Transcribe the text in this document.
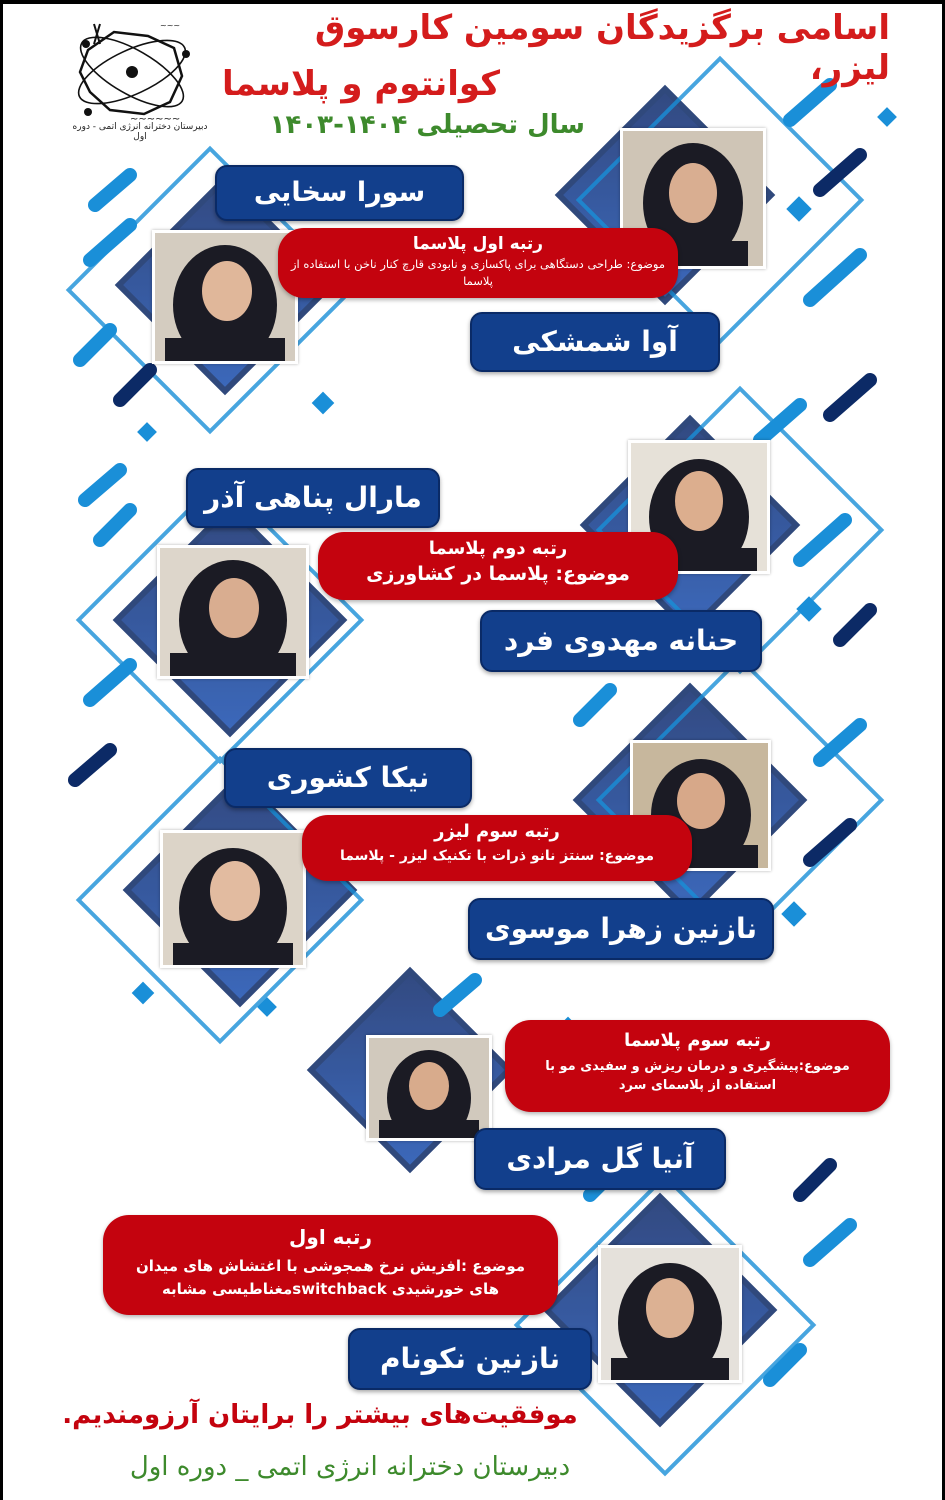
~~~
~~~~~~
دبیرستان دخترانه انرژی اتمی - دوره اول
اسامی برگزیدگان سومین کارسوق لیزر،
کوانتوم و پلاسما
سال تحصیلی ۱۴۰۴-۱۴۰۳
سورا سخایی
رتبه اول پلاسما
موضوع: طراحی دستگاهی برای پاکسازی و نابودی قارچ کنار ناخن با استفاده از پلاسما
آوا شمشکی
مارال پناهی آذر
رتبه دوم پلاسما
موضوع: پلاسما در کشاورزی
حنانه مهدوی فرد
نیکا کشوری
رتبه سوم لیزر
موضوع: سنتز نانو ذرات با تکنیک لیزر - پلاسما
نازنین زهرا موسوی
رتبه سوم پلاسما
موضوع:پیشگیری و درمان ریزش و سفیدی مو با استفاده از پلاسمای سرد
آنیا گل مرادی
رتبه اول
موضوع :افزیش نرخ همجوشی با اغتشاش های میدان های خورشیدی switchbackمغناطیسی مشابه
نازنین نکونام
موفقیت‌های بیشتر را برایتان آرزومندیم.
دبیرستان دخترانه انرژی اتمی _ دوره اول
